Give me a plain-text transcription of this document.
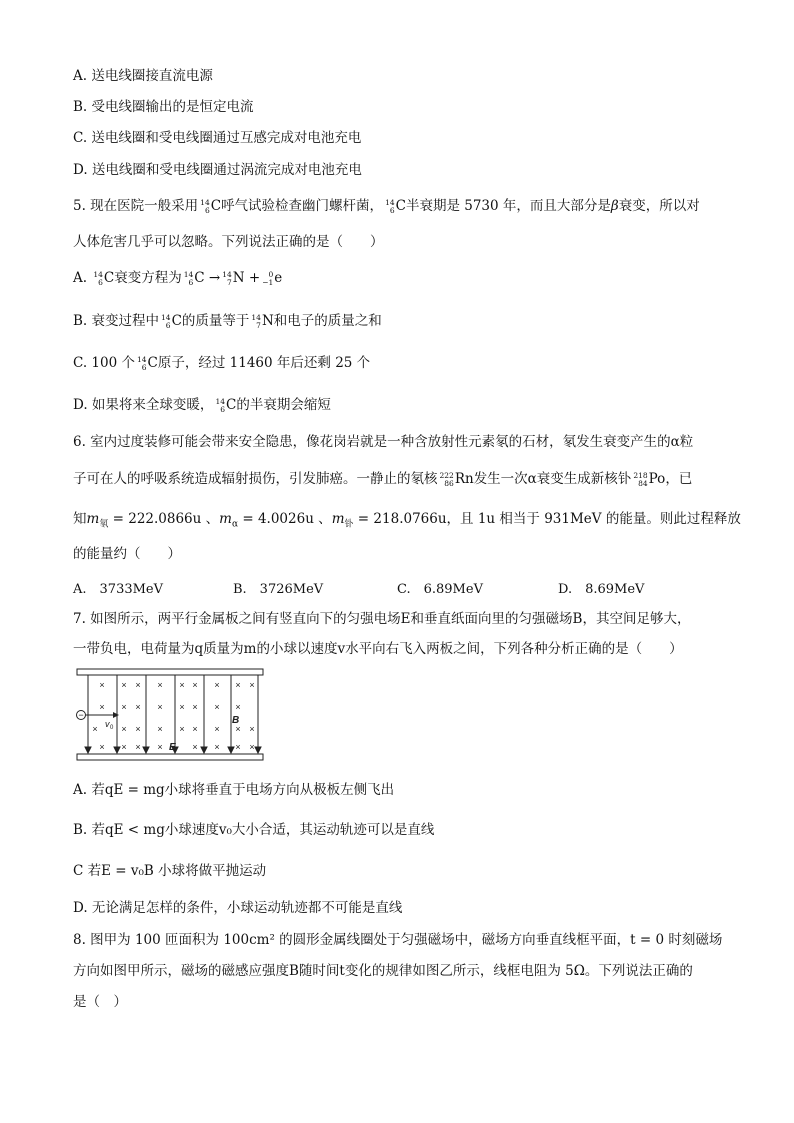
A. 送电线圈接直流电源
B. 受电线圈输出的是恒定电流
C. 送电线圈和受电线圈通过互感完成对电池充电
D. 送电线圈和受电线圈通过涡流完成对电池充电
5. 现在医院一般采用 14
6 C呼气试验检查幽门螺杆菌， 14
6 C半衰期是 5730 年，而且大部分是β衰变，所以对
人体危害几乎可以忽略。下列说法正确的是（　　）
A. 14
6 C衰变方程为 14
6 C → 14
7 N +	0
−1 e
B. 衰变过程中 14
6 C的质量等于 14
7 N和电子的质量之和
C. 100 个 14
6 C原子，经过 11460 年后还剩 25 个
D. 如果将来全球变暖， 14
6 C的半衰期会缩短
6. 室内过度装修可能会带来安全隐患，像花岗岩就是一种含放射性元素氡的石材，氡发生衰变产生的α粒
子可在人的呼吸系统造成辐射损伤，引发肺癌。一静止的氡核 222
86 Rn发生一次α衰变生成新核钋 218
84 Po，已
知$m_氡 = 222.0866u$ 、$m_\alpha = 4.0026u$ 、$m_钋 = 218.0766u$，且 1u 相当于 931MeV 的能量。则此过程释放
的能量约（　　）
A.　3733MeV	B.　3726MeV	C.　6.89MeV	D.　8.69MeV
7. 如图所示，两平行金属板之间有竖直向下的匀强电场E和垂直纸面向里的匀强磁场B，其空间足够大，
一带负电，电荷量为q质量为m的小球以速度v水平向右飞入两板之间，下列各种分析正确的是（　　）
× × × × × × × × ×
× × × × × × × ×
×	× × × × × × × ×
× × × ×	× × × ×
−
v 0
B
E
A. 若qE = mg小球将垂直于电场方向从极板左侧飞出
B. 若qE < mg小球速度v₀大小合适，其运动轨迹可以是直线
C 若E = v₀B 小球将做平抛运动
D. 无论满足怎样的条件，小球运动轨迹都不可能是直线
8. 图甲为 100 匝面积为 100cm² 的圆形金属线圈处于匀强磁场中，磁场方向垂直线框平面，t = 0 时刻磁场
方向如图甲所示，磁场的磁感应强度B随时间t变化的规律如图乙所示，线框电阻为 5Ω。下列说法正确的
是（　）
